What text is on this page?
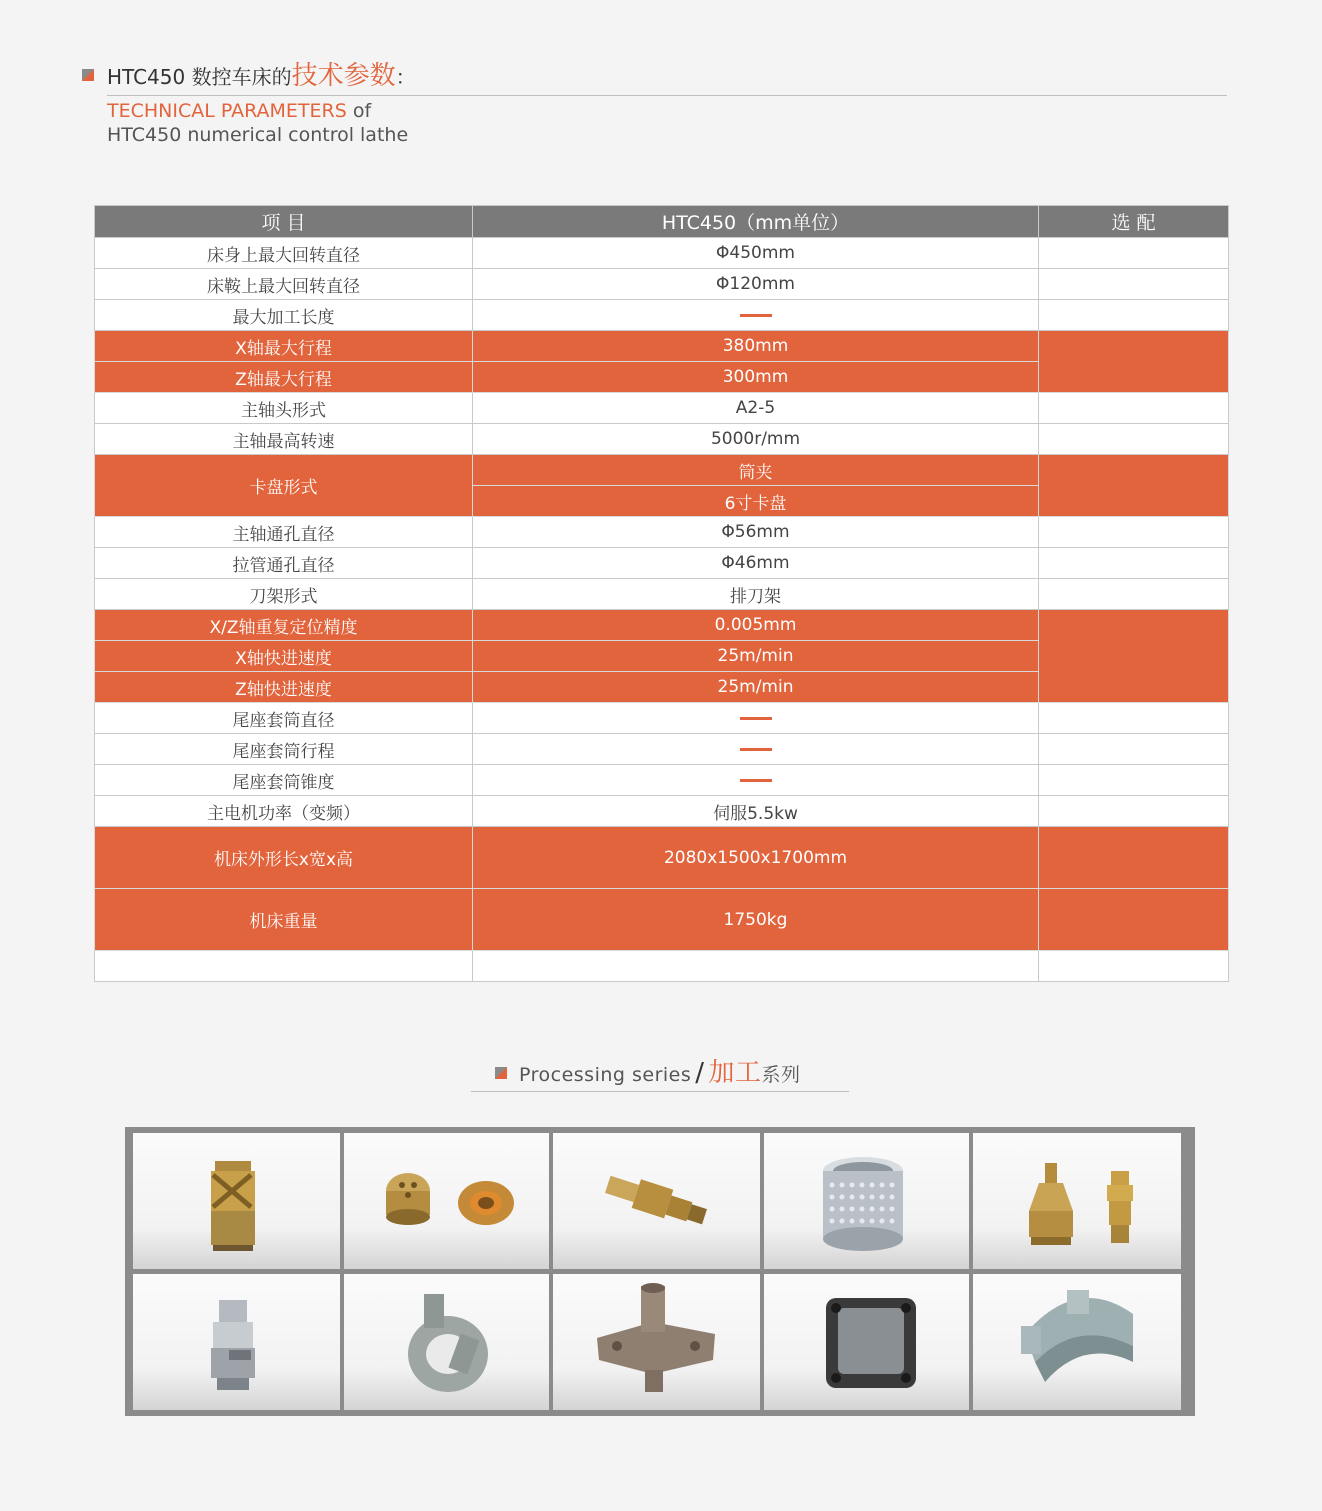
HTC450 数控车床的技术参数：
TECHNICAL PARAMETERS of
HTC450 numerical control lathe
项 目	HTC450（mm单位）	选 配
床身上最大回转直径	Φ450mm	
床鞍上最大回转直径	Φ120mm	
最大加工长度		
X轴最大行程	380mm	
Z轴最大行程	300mm	
主轴头形式	A2-5	
主轴最高转速	5000r/mm	
卡盘形式	筒夹	
	6寸卡盘	
主轴通孔直径	Φ56mm	
拉管通孔直径	Φ46mm	
刀架形式	排刀架	
X/Z轴重复定位精度	0.005mm	
X轴快进速度	25m/min	
Z轴快进速度	25m/min	
尾座套筒直径		
尾座套筒行程		
尾座套筒锥度		
主电机功率（变频）	伺服5.5kw	
机床外形长x宽x高	2080x1500x1700mm	
机床重量	1750kg	

Processing series / 加工系列
